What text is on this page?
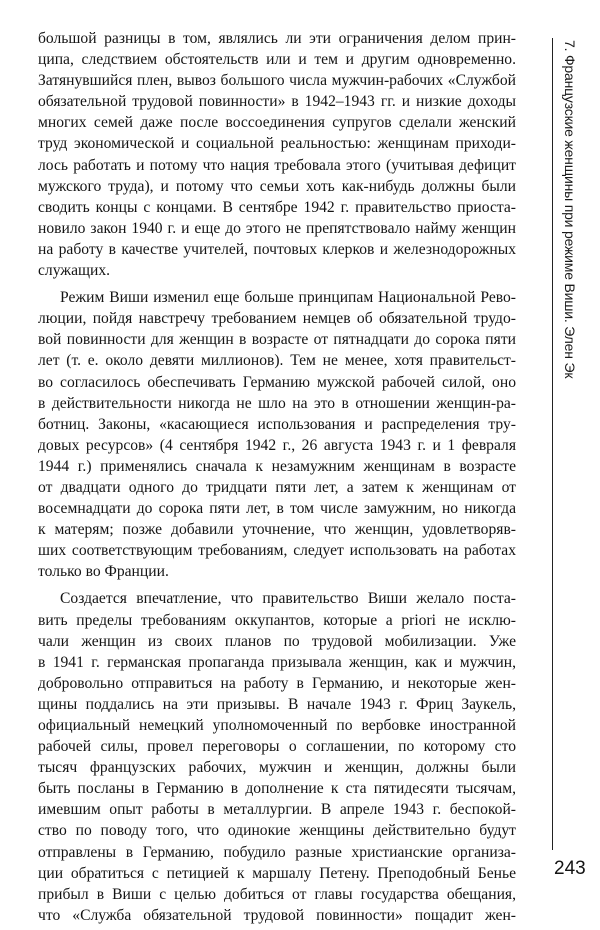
большой разницы в том, являлись ли эти ограничения делом прин-
ципа, следствием обстоятельств или и тем и другим одновременно.
Затянувшийся плен, вывоз большого числа мужчин-рабочих «Службой
обязательной трудовой повинности» в 1942–1943 гг. и низкие доходы
многих семей даже после воссоединения супругов сделали женский
труд экономической и социальной реальностью: женщинам приходи-
лось работать и потому что нация требовала этого (учитывая дефицит
мужского труда), и потому что семьи хоть как-нибудь должны были
сводить концы с концами. В сентябре 1942 г. правительство приоста-
новило закон 1940 г. и еще до этого не препятствовало найму женщин
на работу в качестве учителей, почтовых клерков и железнодорожных
служащих.
Режим Виши изменил еще больше принципам Национальной Рево-
люции, пойдя навстречу требованием немцев об обязательной трудо-
вой повинности для женщин в возрасте от пятнадцати до сорока пяти
лет (т. е. около девяти миллионов). Тем не менее, хотя правительст-
во согласилось обеспечивать Германию мужской рабочей силой, оно
в действительности никогда не шло на это в отношении женщин-ра-
ботниц. Законы, «касающиеся использования и распределения тру-
довых ресурсов» (4 сентября 1942 г., 26 августа 1943 г. и 1 февраля
1944 г.) применялись сначала к незамужним женщинам в возрасте
от двадцати одного до тридцати пяти лет, а затем к женщинам от
восемнадцати до сорока пяти лет, в том числе замужним, но никогда
к матерям; позже добавили уточнение, что женщин, удовлетворяв-
ших соответствующим требованиям, следует использовать на работах
только во Франции.
Создается впечатление, что правительство Виши желало поста-
вить пределы требованиям оккупантов, которые а priori не исклю-
чали женщин из своих планов по трудовой мобилизации. Уже
в 1941 г. германская пропаганда призывала женщин, как и мужчин,
добровольно отправиться на работу в Германию, и некоторые жен-
щины поддались на эти призывы. В начале 1943 г. Фриц Заукель,
официальный немецкий уполномоченный по вербовке иностранной
рабочей силы, провел переговоры о соглашении, по которому сто
тысяч французских рабочих, мужчин и женщин, должны были
быть посланы в Германию в дополнение к ста пятидесяти тысячам,
имевшим опыт работы в металлургии. В апреле 1943 г. беспокой-
ство по поводу того, что одинокие женщины действительно будут
отправлены в Германию, побудило разные христианские организа-
ции обратиться с петицией к маршалу Петену. Преподобный Бенье
прибыл в Виши с целью добиться от главы государства обещания,
что «Служба обязательной трудовой повинности» пощадит жен-
7. Французские женщины при режиме Виши. Элен Эк
243
